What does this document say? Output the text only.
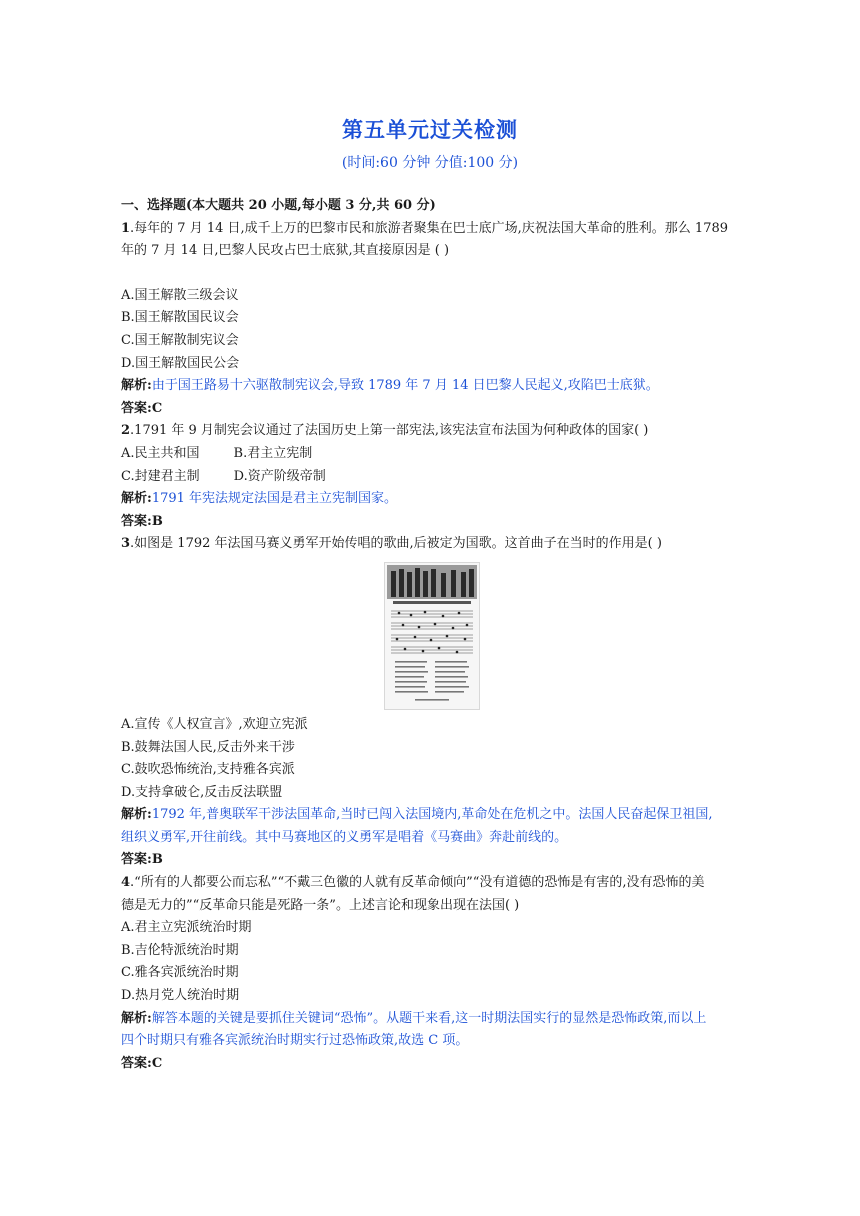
第五单元过关检测
(时间:60 分钟 分值:100 分)
一、选择题(本大题共 20 小题,每小题 3 分,共 60 分)
1.每年的 7 月 14 日,成千上万的巴黎市民和旅游者聚集在巴士底广场,庆祝法国大革命的胜利。那么 1789
年的 7 月 14 日,巴黎人民攻占巴士底狱,其直接原因是 ( )
A.国王解散三级会议
B.国王解散国民议会
C.国王解散制宪议会
D.国王解散国民公会
解析:由于国王路易十六驱散制宪议会,导致 1789 年 7 月 14 日巴黎人民起义,攻陷巴士底狱。
答案:C
2.1791 年 9 月制宪会议通过了法国历史上第一部宪法,该宪法宣布法国为何种政体的国家( )
A.民主共和国	B.君主立宪制
C.封建君主制	D.资产阶级帝制
解析:1791 年宪法规定法国是君主立宪制国家。
答案:B
3.如图是 1792 年法国马赛义勇军开始传唱的歌曲,后被定为国歌。这首曲子在当时的作用是( )
A.宣传《人权宣言》,欢迎立宪派
B.鼓舞法国人民,反击外来干涉
C.鼓吹恐怖统治,支持雅各宾派
D.支持拿破仑,反击反法联盟
解析:1792 年,普奥联军干涉法国革命,当时已闯入法国境内,革命处在危机之中。法国人民奋起保卫祖国,
组织义勇军,开往前线。其中马赛地区的义勇军是唱着《马赛曲》奔赴前线的。
答案:B
4.“所有的人都要公而忘私”“不戴三色徽的人就有反革命倾向”“没有道德的恐怖是有害的,没有恐怖的美
德是无力的”“反革命只能是死路一条”。上述言论和现象出现在法国( )
A.君主立宪派统治时期
B.吉伦特派统治时期
C.雅各宾派统治时期
D.热月党人统治时期
解析:解答本题的关键是要抓住关键词“恐怖”。从题干来看,这一时期法国实行的显然是恐怖政策,而以上
四个时期只有雅各宾派统治时期实行过恐怖政策,故选 C 项。
答案:C
